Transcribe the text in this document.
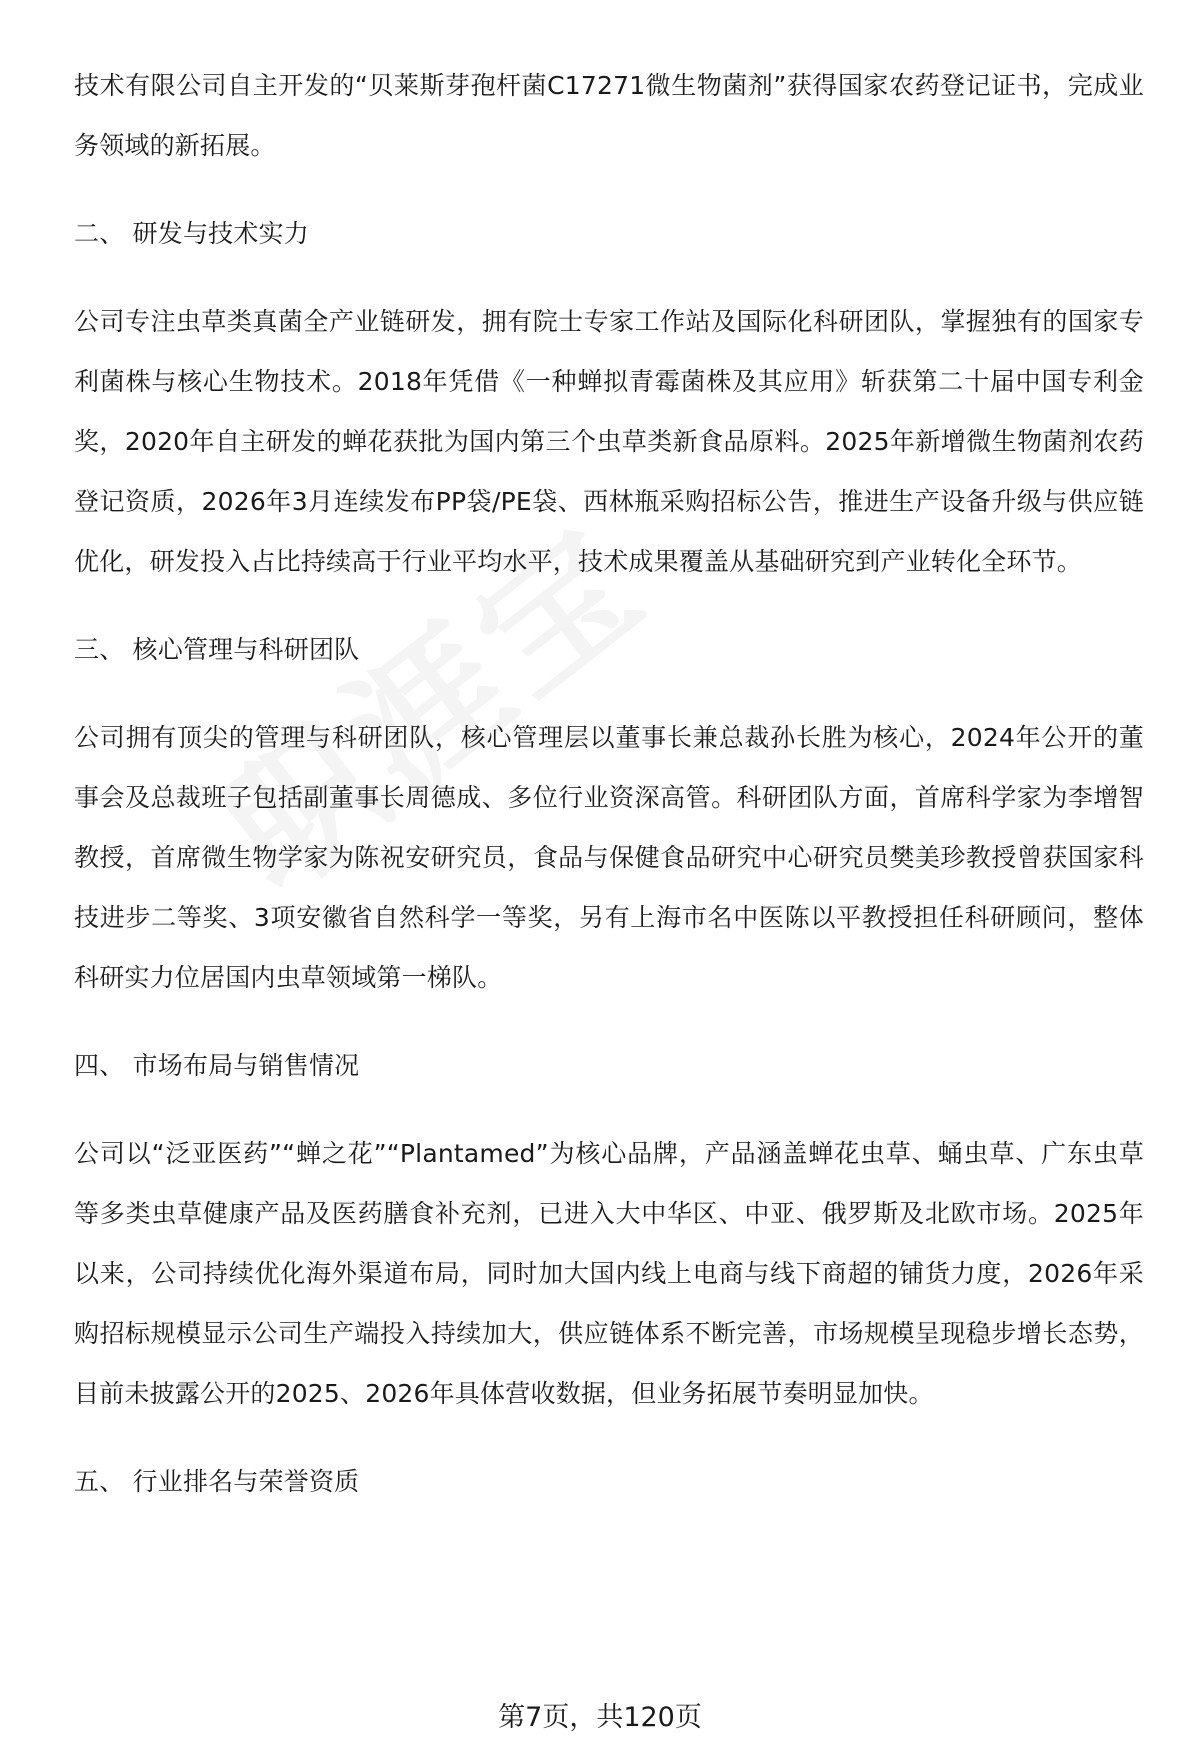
技术有限公司自主开发的“贝莱斯芽孢杆菌C17271微生物菌剂”获得国家农药登记证书，完成业务领域的新拓展。

二、 研发与技术实力

公司专注虫草类真菌全产业链研发，拥有院士专家工作站及国际化科研团队，掌握独有的国家专利菌株与核心生物技术。2018年凭借《一种蝉拟青霉菌株及其应用》斩获第二十届中国专利金奖，2020年自主研发的蝉花获批为国内第三个虫草类新食品原料。2025年新增微生物菌剂农药登记资质，2026年3月连续发布PP袋/PE袋、西林瓶采购招标公告，推进生产设备升级与供应链优化，研发投入占比持续高于行业平均水平，技术成果覆盖从基础研究到产业转化全环节。

三、 核心管理与科研团队

公司拥有顶尖的管理与科研团队，核心管理层以董事长兼总裁孙长胜为核心，2024年公开的董事会及总裁班子包括副董事长周德成、多位行业资深高管。科研团队方面，首席科学家为李增智教授，首席微生物学家为陈祝安研究员，食品与保健食品研究中心研究员樊美珍教授曾获国家科技进步二等奖、3项安徽省自然科学一等奖，另有上海市名中医陈以平教授担任科研顾问，整体科研实力位居国内虫草领域第一梯队。

四、 市场布局与销售情况

公司以“泛亚医药”“蝉之花”“Plantamed”为核心品牌，产品涵盖蝉花虫草、蛹虫草、广东虫草等多类虫草健康产品及医药膳食补充剂，已进入大中华区、中亚、俄罗斯及北欧市场。2025年以来，公司持续优化海外渠道布局，同时加大国内线上电商与线下商超的铺货力度，2026年采购招标规模显示公司生产端投入持续加大，供应链体系不断完善，市场规模呈现稳步增长态势，目前未披露公开的2025、2026年具体营收数据，但业务拓展节奏明显加快。

五、 行业排名与荣誉资质

第7页，共120页
